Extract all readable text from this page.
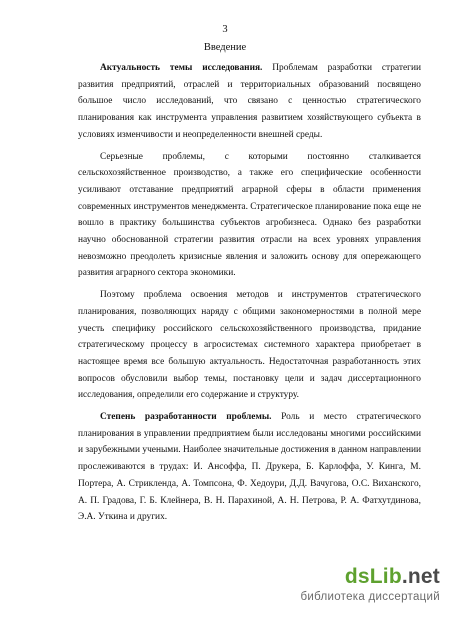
3
Введение

Актуальность темы исследования. Проблемам разработки стратегии развития предприятий, отраслей и территориальных образований посвящено большое число исследований, что связано с ценностью стратегического планирования как инструмента управления развитием хозяйствующего субъекта в условиях изменчивости и неопределенности внешней среды.

Серьезные проблемы, с которыми постоянно сталкивается сельскохозяйственное производство, а также его специфические особенности усиливают отставание предприятий аграрной сферы в области применения современных инструментов менеджмента. Стратегическое планирование пока еще не вошло в практику большинства субъектов агробизнеса. Однако без разработки научно обоснованной стратегии развития отрасли на всех уровнях управления невозможно преодолеть кризисные явления и заложить основу для опережающего развития аграрного сектора экономики.

Поэтому проблема освоения методов и инструментов стратегического планирования, позволяющих наряду с общими закономерностями в полной мере учесть специфику российского сельскохозяйственного производства, придание стратегическому процессу в агросистемах системного характера приобретает в настоящее время все большую актуальность. Недостаточная разработанность этих вопросов обусловили выбор темы, постановку цели и задач диссертационного исследования, определили его содержание и структуру.

Степень разработанности проблемы. Роль и место стратегического планирования в управлении предприятием были исследованы многими российскими и зарубежными учеными. Наиболее значительные достижения в данном направлении прослеживаются в трудах: И. Ансоффа, П. Друкера, Б. Карлоффа, У. Кинга, М. Портера, А. Стрикленда, А. Томпсона, Ф. Хедоури, Д.Д. Вачугова, О.С. Виханского, А. П. Градова, Г. Б. Клейнера, В. Н. Парахиной, А. Н. Петрова, Р. А. Фатхутдинова, Э.А. Уткина и других.

dsLib.net
библиотека диссертаций
